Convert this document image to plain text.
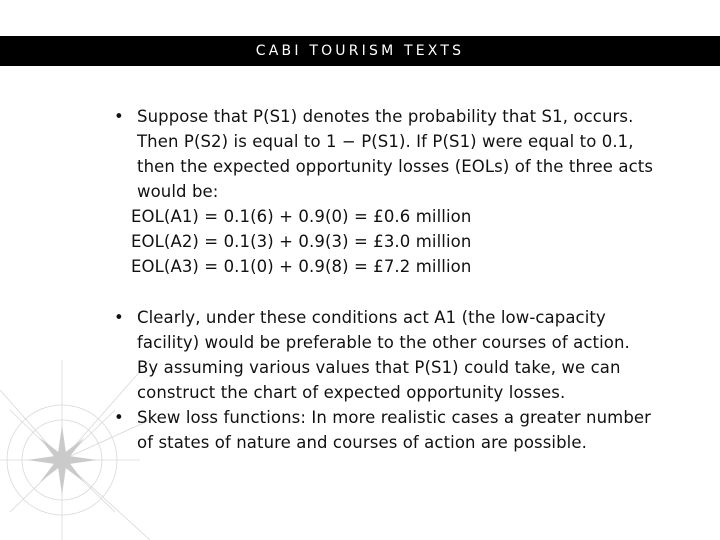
CABI TOURISM TEXTS
• Suppose that P(S1) denotes the probability that S1, occurs.
Then P(S2) is equal to 1 − P(S1). If P(S1) were equal to 0.1,
then the expected opportunity losses (EOLs) of the three acts
would be:
EOL(A1) = 0.1(6) + 0.9(0) = £0.6 million
EOL(A2) = 0.1(3) + 0.9(3) = £3.0 million
EOL(A3) = 0.1(0) + 0.9(8) = £7.2 million
• Clearly, under these conditions act A1 (the low-capacity
facility) would be preferable to the other courses of action.
By assuming various values that P(S1) could take, we can
construct the chart of expected opportunity losses.
• Skew loss functions: In more realistic cases a greater number
of states of nature and courses of action are possible.
